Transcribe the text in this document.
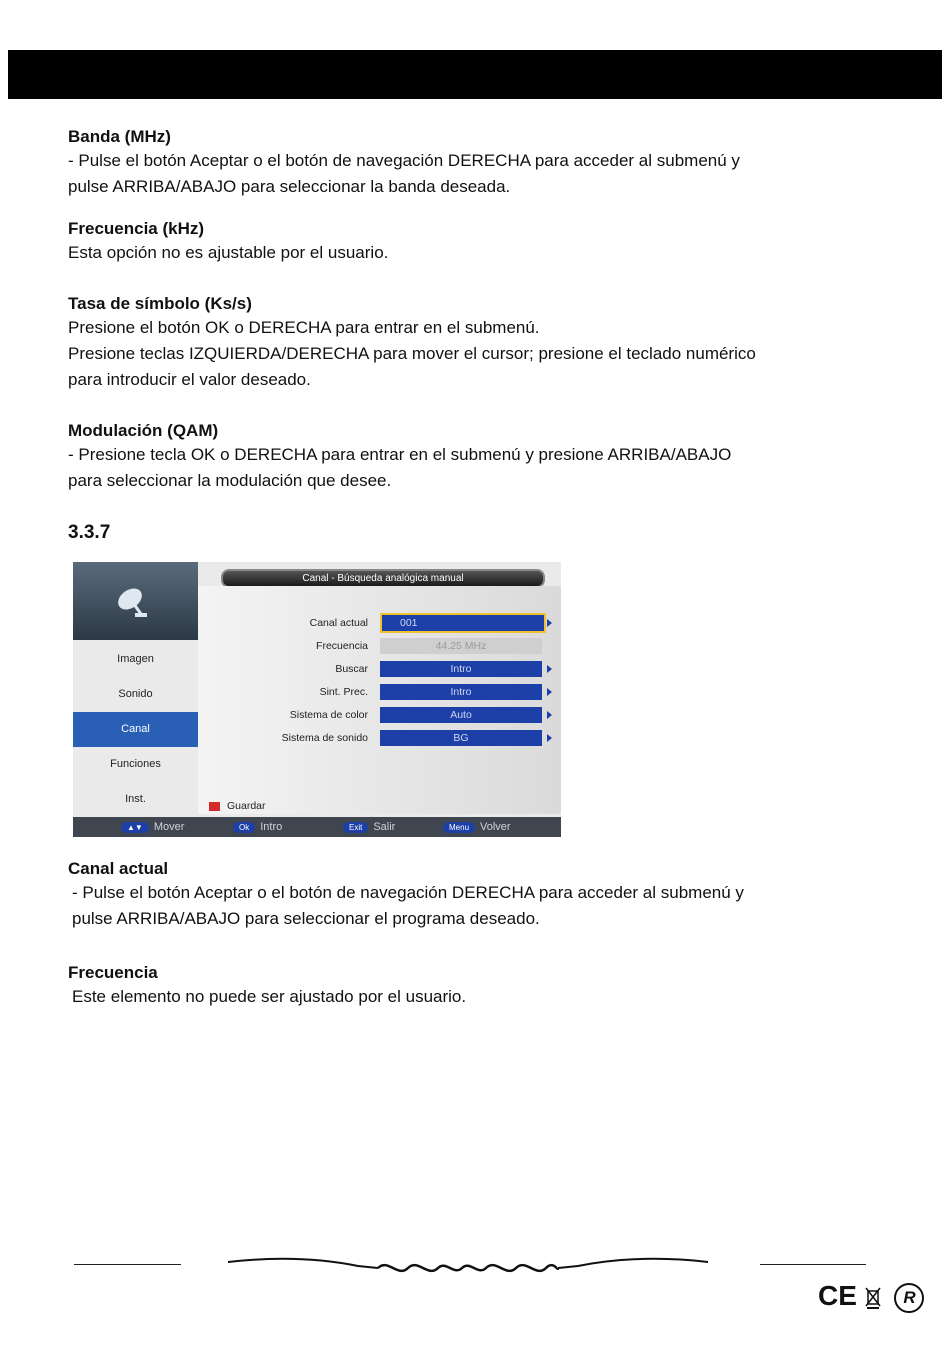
Banda (MHz)
- Pulse el botón Aceptar o el botón de navegación DERECHA para acceder al submenú y
pulse ARRIBA/ABAJO para seleccionar la banda deseada.
Frecuencia (kHz)
Esta opción no es ajustable por el usuario.
Tasa de símbolo (Ks/s)
Presione el botón OK o DERECHA para entrar en el submenú.
Presione teclas IZQUIERDA/DERECHA para mover el cursor; presione el teclado numérico
para introducir el valor deseado.
Modulación (QAM)
- Presione tecla OK o DERECHA para entrar en el submenú y presione ARRIBA/ABAJO
para seleccionar la modulación que desee.
3.3.7
Canal - Búsqueda analógica manual
Imagen
Sonido
Canal
Funciones
Inst.
Canal actual	001
Frecuencia	44.25 MHz
Buscar	Intro
Sint. Prec.	Intro
Sistema de color	Auto
Sistema de sonido	BG
Guardar
▲▼ Mover	Ok Intro	Exit Salir	Menu Volver
Canal actual
- Pulse el botón Aceptar o el botón de navegación DERECHA para acceder al submenú y
pulse ARRIBA/ABAJO para seleccionar el programa deseado.
Frecuencia
Este elemento no puede ser ajustado por el usuario.
CE	R
